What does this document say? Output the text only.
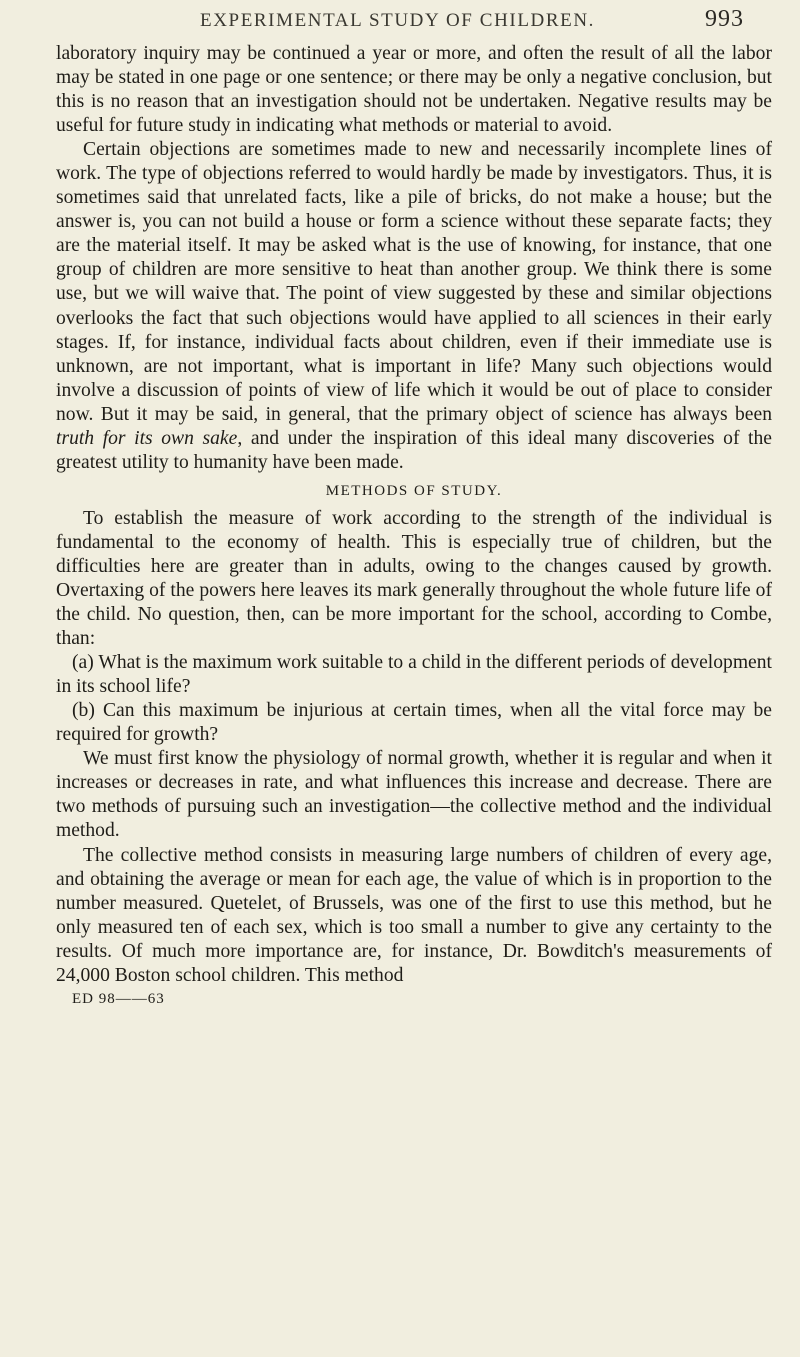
EXPERIMENTAL STUDY OF CHILDREN.	993

laboratory inquiry may be continued a year or more, and often the result of all the labor may be stated in one page or one sentence; or there may be only a negative conclusion, but this is no reason that an investigation should not be undertaken. Negative results may be useful for future study in indicating what methods or material to avoid.

Certain objections are sometimes made to new and necessarily incomplete lines of work. The type of objections referred to would hardly be made by investigators. Thus, it is sometimes said that unrelated facts, like a pile of bricks, do not make a house; but the answer is, you can not build a house or form a science without these separate facts; they are the material itself. It may be asked what is the use of knowing, for instance, that one group of children are more sensitive to heat than another group. We think there is some use, but we will waive that. The point of view suggested by these and similar objections overlooks the fact that such objections would have applied to all sciences in their early stages. If, for instance, individual facts about children, even if their immediate use is unknown, are not important, what is important in life? Many such objections would involve a discussion of points of view of life which it would be out of place to consider now. But it may be said, in general, that the primary object of science has always been truth for its own sake, and under the inspiration of this ideal many discoveries of the greatest utility to humanity have been made.

METHODS OF STUDY.

To establish the measure of work according to the strength of the individual is fundamental to the economy of health. This is especially true of children, but the difficulties here are greater than in adults, owing to the changes caused by growth. Overtaxing of the powers here leaves its mark generally throughout the whole future life of the child. No question, then, can be more important for the school, according to Combe, than:

(a) What is the maximum work suitable to a child in the different periods of development in its school life?

(b) Can this maximum be injurious at certain times, when all the vital force may be required for growth?

We must first know the physiology of normal growth, whether it is regular and when it increases or decreases in rate, and what influences this increase and decrease. There are two methods of pursuing such an investigation—the collective method and the individual method.

The collective method consists in measuring large numbers of children of every age, and obtaining the average or mean for each age, the value of which is in proportion to the number measured. Quetelet, of Brussels, was one of the first to use this method, but he only measured ten of each sex, which is too small a number to give any certainty to the results. Of much more importance are, for instance, Dr. Bowditch's measurements of 24,000 Boston school children. This method

ED 98——63
